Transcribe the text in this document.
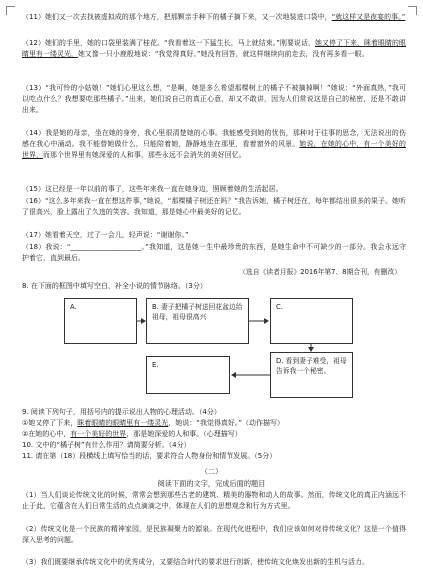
（11）她们又一次去找被虚拟成的那个地方，把那颗亲手种下的橘子摘下来，又一次地装进口袋中，“就这样又是夜宴的事。”
（12）她们的手里，她的口袋里装满了桂花。“我看着这一下猛生长，马上就结束。”刚要说话，她又停了下来，眯着眼睛的眼睛里有一缕灵光，她又像一只小鹿般地说：“我觉得真好。”她没有回答，就这样继续向前走去，没有再多看一眼。
（13）“我可怜的小姑娘！”她们心里这么想，“是啊，她是多么希望那棵树上的橘子不被摘掉啊！”她说：“外面真热，”我可以吃点什么？我想要吃那些橘子。”出来，她们说自己的真正心意，却又不敢讲，因为人们常说这是自己的秘密，还是不敢讲出来。
（14）我是她的母亲，坐在她的身旁，我心里很清楚她的心事。我能感受到她的忧伤，那种对于往事的思念，无法说出的伤感在我心中涌动。我不能替她做什么，只能陪着她，静静地坐在那里，看着窗外的风景。她说，在她的心中，有一个美好的世界，而那个世界里有她深爱的人和事，那些永远不会消失的美好回忆。
（15）这已经是一年以前的事了，这些年来我一直在她身边，照顾着她的生活起居。
（16）“这么多年来我一直在想这件事，”她说，“那棵橘子树还在吗？”我告诉她，橘子树还在，每年都结出很多的果子。她听了很高兴，脸上露出了久违的笑容。我知道，那是她心中最美好的记忆。
（17）她看着天空，过了一会儿，轻声说：“谢谢你。”
（18）我说：“____________________。”我知道，这是她一生中最珍贵的东西，是她生命中不可缺少的一部分。我会永远守护着它，直到最后。
（选自《读者月报》2016年第7、8期合刊，有删改）
8. 在下面的框图中填写空白，补全小说的情节脉络。（3分）
A.	B. 妻子把橘子树送回花盆边给祖母，祖母很高兴
C.
E.	D. 看到妻子难受，祖母告诉我一个秘密。
9. 阅读下列句子，用括号内的提示说出人物的心理活动。（4分）
①她又停了下来，眯着眼睛的眼睛里有一缕灵光，她说：“我觉得真好。”（动作描写）
②在她的心中，有一个美好的世界，那是她深爱的人和事。（心理描写）
10. 文中的“橘子树”有什么作用？请简要分析。（4分）
11. 请在第（18）段横线上填写恰当的话，要求符合人物身份和情节发展。（5分）
（二）
阅读下面的文字，完成后面的题目
（1）当人们谈论传统文化的时候，常常会想到那些古老的建筑、精美的器物和动人的故事。然而，传统文化的真正内涵远不止于此，它蕴含在人们日常生活的点点滴滴之中，体现在人们的思想观念和行为方式里。
（2）传统文化是一个民族的精神家园，是民族凝聚力的源泉。在现代化进程中，我们应该如何对待传统文化？这是一个值得深入思考的问题。
（3）我们既要继承传统文化中的优秀成分，又要结合时代的要求进行创新，使传统文化焕发出新的生机与活力。
